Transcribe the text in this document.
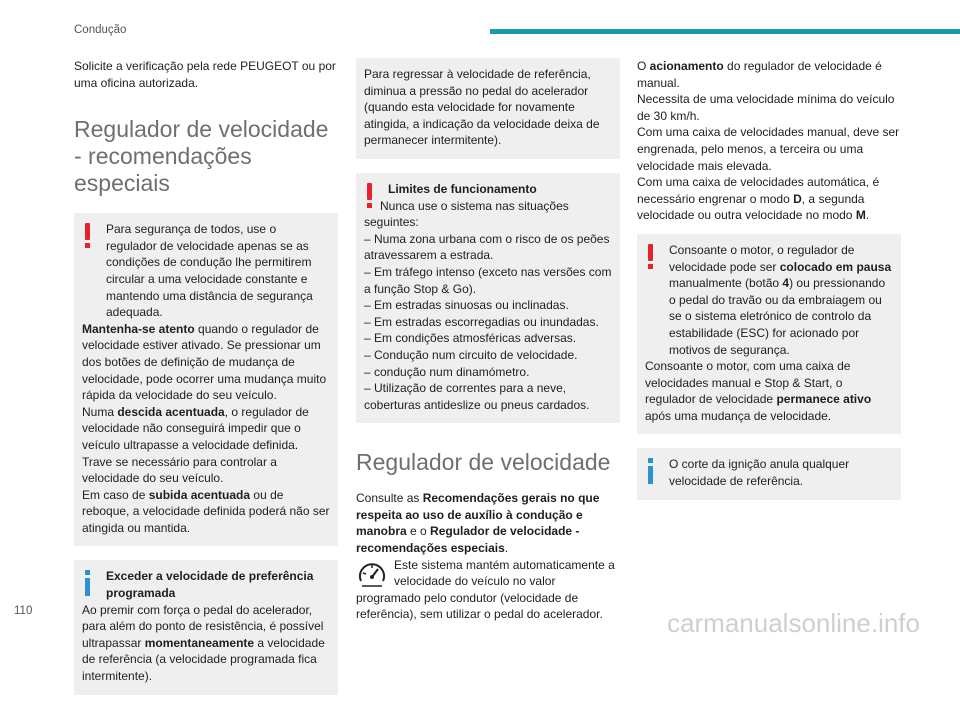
Condução

Solicite a verificação pela rede PEUGEOT ou por uma oficina autorizada.

Regulador de velocidade - recomendações especiais

Para segurança de todos, use o regulador de velocidade apenas se as condições de condução lhe permitirem circular a uma velocidade constante e mantendo uma distância de segurança adequada.

Mantenha-se atento quando o regulador de velocidade estiver ativado. Se pressionar um dos botões de definição de mudança de velocidade, pode ocorrer uma mudança muito rápida da velocidade do seu veículo.

Numa descida acentuada, o regulador de velocidade não conseguirá impedir que o veículo ultrapasse a velocidade definida. Trave se necessário para controlar a velocidade do seu veículo.

Em caso de subida acentuada ou de reboque, a velocidade definida poderá não ser atingida ou mantida.

Exceder a velocidade de preferência programada

Ao premir com força o pedal do acelerador, para além do ponto de resistência, é possível ultrapassar momentaneamente a velocidade de referência (a velocidade programada fica intermitente).

Para regressar à velocidade de referência, diminua a pressão no pedal do acelerador (quando esta velocidade for novamente atingida, a indicação da velocidade deixa de permanecer intermitente).

Limites de funcionamento

Nunca use o sistema nas situações seguintes:

– Numa zona urbana com o risco de os peões atravessarem a estrada.

– Em tráfego intenso (exceto nas versões com a função Stop & Go).

– Em estradas sinuosas ou inclinadas.

– Em estradas escorregadias ou inundadas.

– Em condições atmosféricas adversas.

– Condução num circuito de velocidade.

– condução num dinamómetro.

– Utilização de correntes para a neve, coberturas antideslize ou pneus cardados.

Regulador de velocidade

Consulte as Recomendações gerais no que respeita ao uso de auxílio à condução e manobra e o Regulador de velocidade - recomendações especiais.

Este sistema mantém automaticamente a velocidade do veículo no valor programado pelo condutor (velocidade de referência), sem utilizar o pedal do acelerador.

O acionamento do regulador de velocidade é manual.

Necessita de uma velocidade mínima do veículo de 30 km/h.

Com uma caixa de velocidades manual, deve ser engrenada, pelo menos, a terceira ou uma velocidade mais elevada.

Com uma caixa de velocidades automática, é necessário engrenar o modo D, a segunda velocidade ou outra velocidade no modo M.

Consoante o motor, o regulador de velocidade pode ser colocado em pausa manualmente (botão 4) ou pressionando o pedal do travão ou da embraiagem ou se o sistema eletrónico de controlo da estabilidade (ESC) for acionado por motivos de segurança.

Consoante o motor, com uma caixa de velocidades manual e Stop & Start, o regulador de velocidade permanece ativo após uma mudança de velocidade.

O corte da ignição anula qualquer velocidade de referência.

110	carmanualsonline.info
